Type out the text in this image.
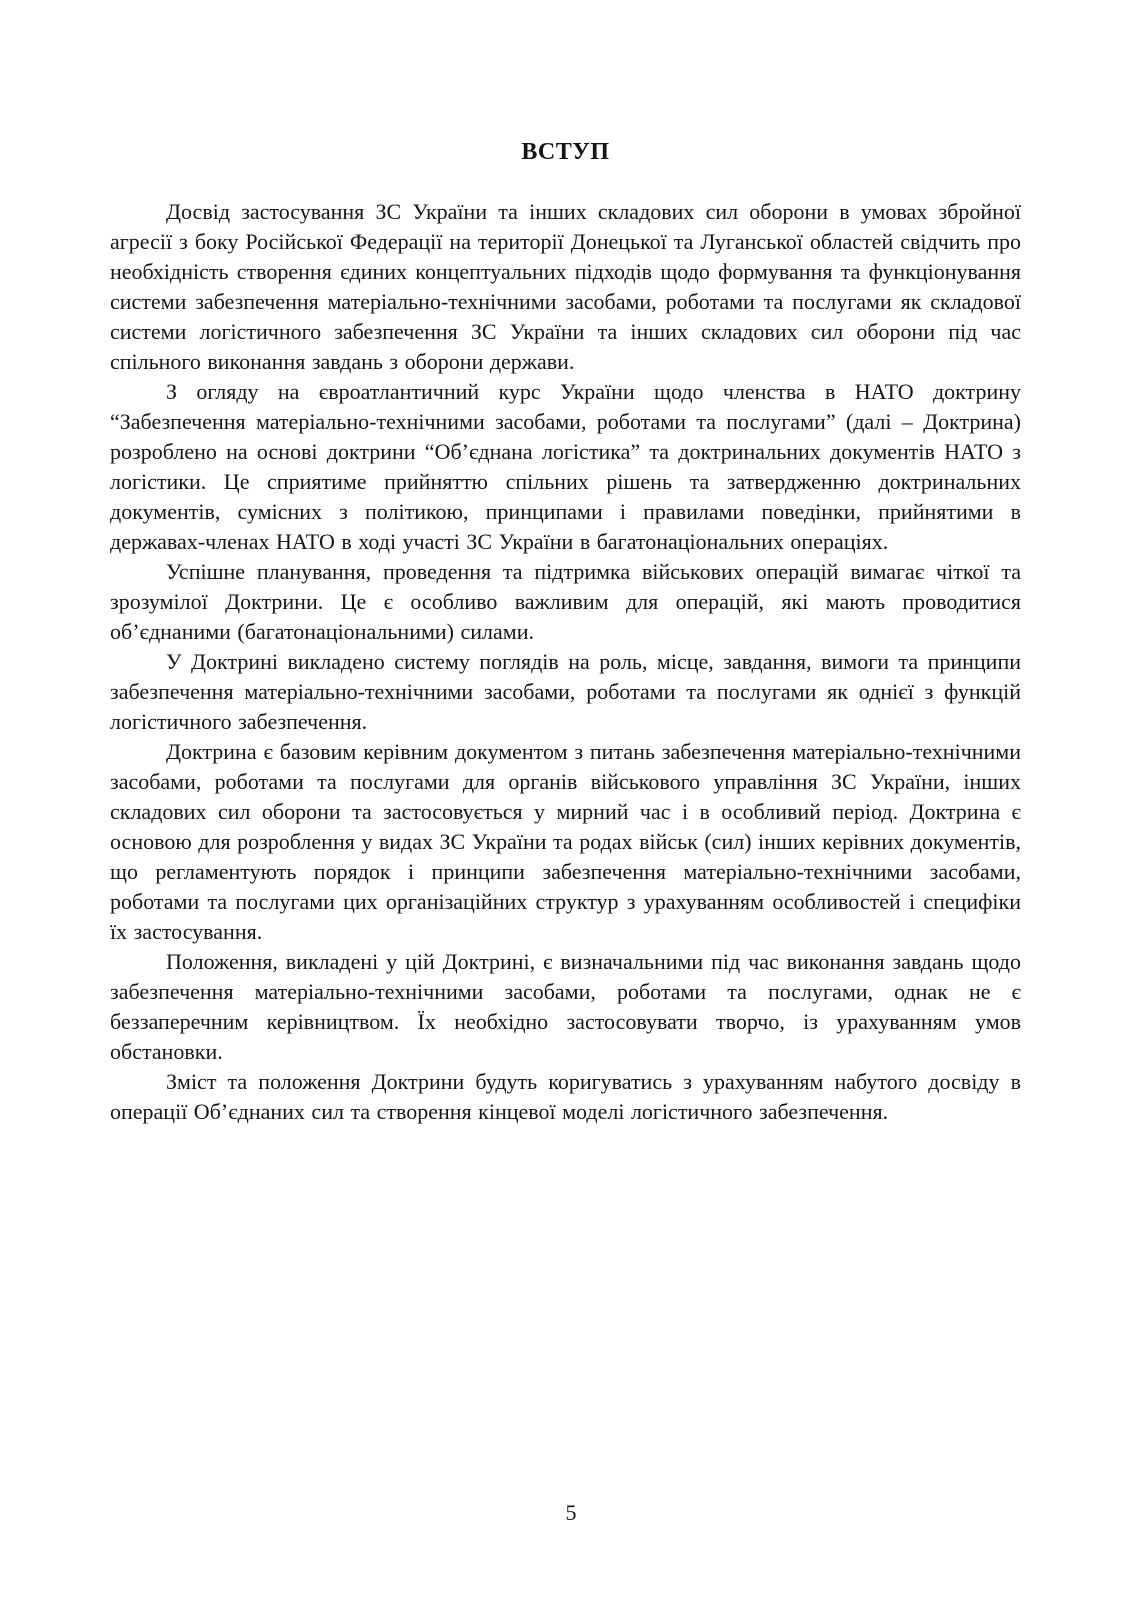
ВСТУП

Досвід застосування ЗС України та інших складових сил оборони в умовах збройної агресії з боку Російської Федерації на території Донецької та Луганської областей свідчить про необхідність створення єдиних концептуальних підходів щодо формування та функціонування системи забезпечення матеріально-технічними засобами, роботами та послугами як складової системи логістичного забезпечення ЗС України та інших складових сил оборони під час спільного виконання завдань з оборони держави.

З огляду на євроатлантичний курс України щодо членства в НАТО доктрину “Забезпечення матеріально-технічними засобами, роботами та послугами” (далі – Доктрина) розроблено на основі доктрини “Об’єднана логістика” та доктринальних документів НАТО з логістики. Це сприятиме прийняттю спільних рішень та затвердженню доктринальних документів, сумісних з політикою, принципами і правилами поведінки, прийнятими в державах-членах НАТО в ході участі ЗС України в багатонаціональних операціях.

Успішне планування, проведення та підтримка військових операцій вимагає чіткої та зрозумілої Доктрини. Це є особливо важливим для операцій, які мають проводитися об’єднаними (багатонаціональними) силами.

У Доктрині викладено систему поглядів на роль, місце, завдання, вимоги та принципи забезпечення матеріально-технічними засобами, роботами та послугами як однієї з функцій логістичного забезпечення.

Доктрина є базовим керівним документом з питань забезпечення матеріально-технічними засобами, роботами та послугами для органів військового управління ЗС України, інших складових сил оборони та застосовується у мирний час і в особливий період. Доктрина є основою для розроблення у видах ЗС України та родах військ (сил) інших керівних документів, що регламентують порядок і принципи забезпечення матеріально-технічними засобами, роботами та послугами цих організаційних структур з урахуванням особливостей і специфіки їх застосування.

Положення, викладені у цій Доктрині, є визначальними під час виконання завдань щодо забезпечення матеріально-технічними засобами, роботами та послугами, однак не є беззаперечним керівництвом. Їх необхідно застосовувати творчо, із урахуванням умов обстановки.

Зміст та положення Доктрини будуть коригуватись з урахуванням набутого досвіду в операції Об’єднаних сил та створення кінцевої моделі логістичного забезпечення.

5
